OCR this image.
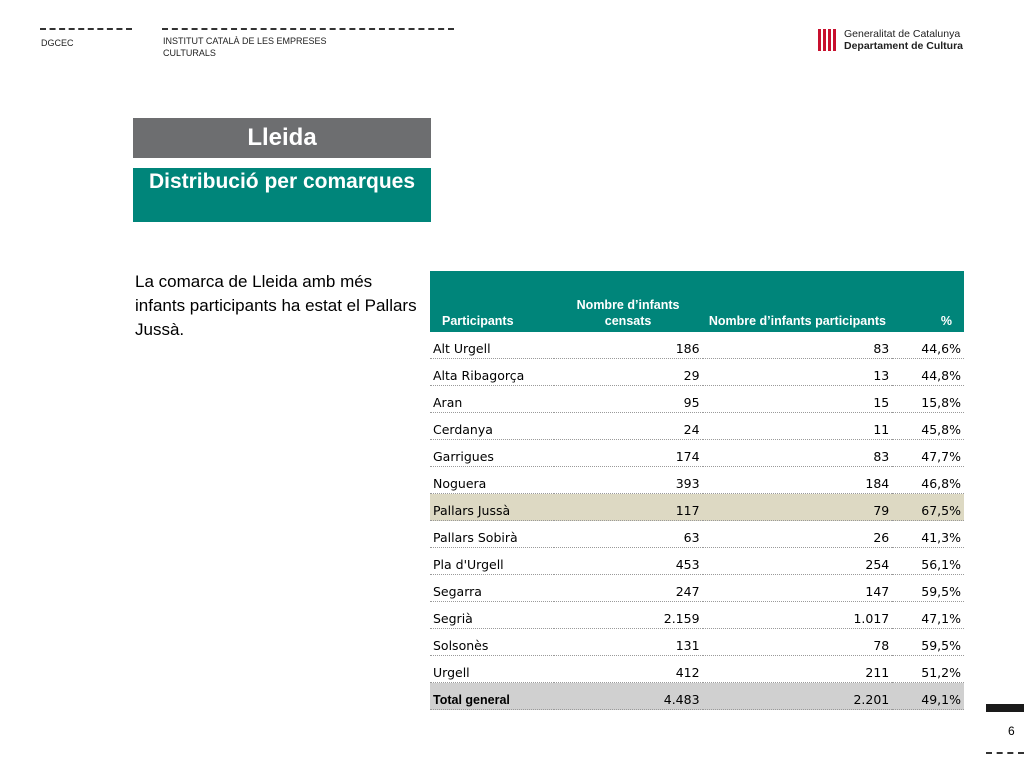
DGCEC	INSTITUT CATALÀ DE LES EMPRESES
CULTURALS
Generalitat de Catalunya
Departament de Cultura
Lleida
Distribució per comarques
La comarca de Lleida amb més infants participants ha estat el Pallars Jussà.	Participants	Nombre d’infants censats	Nombre d’infants participants	%
Alt Urgell	186	83	44,6%
Alta Ribagorça	29	13	44,8%
Aran	95	15	15,8%
Cerdanya	24	11	45,8%
Garrigues	174	83	47,7%
Noguera	393	184	46,8%
Pallars Jussà	117	79	67,5%
Pallars Sobirà	63	26	41,3%
Pla d'Urgell	453	254	56,1%
Segarra	247	147	59,5%
Segrià	2.159	1.017	47,1%
Solsonès	131	78	59,5%
Urgell	412	211	51,2%
Total general	4.483	2.201	49,1%
6
